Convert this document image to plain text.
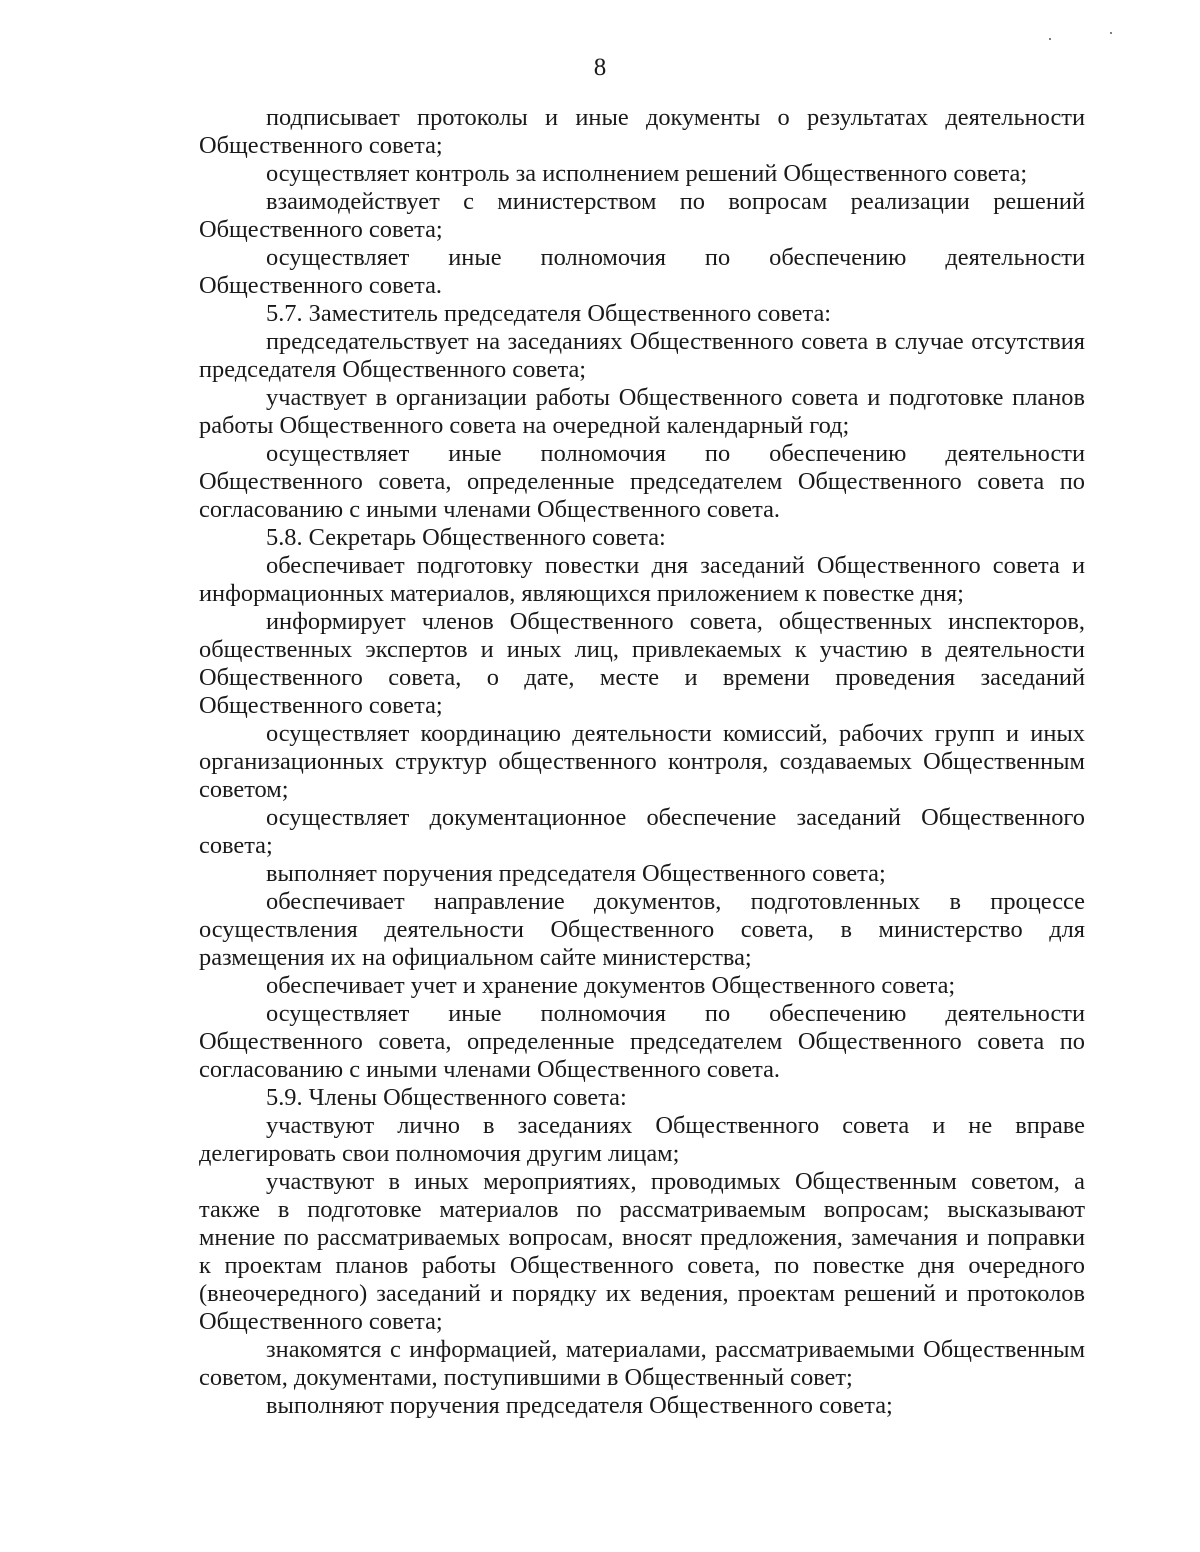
8

подписывает протоколы и иные документы о результатах деятельности Общественного совета;

осуществляет контроль за исполнением решений Общественного совета;

взаимодействует с министерством по вопросам реализации решений Общественного совета;

осуществляет иные полномочия по обеспечению деятельности Общественного совета.

5.7. Заместитель председателя Общественного совета:

председательствует на заседаниях Общественного совета в случае отсутствия председателя Общественного совета;

участвует в организации работы Общественного совета и подготовке планов работы Общественного совета на очередной календарный год;

осуществляет иные полномочия по обеспечению деятельности Общественного совета, определенные председателем Общественного совета по согласованию с иными членами Общественного совета.

5.8. Секретарь Общественного совета:

обеспечивает подготовку повестки дня заседаний Общественного совета и информационных материалов, являющихся приложением к повестке дня;

информирует членов Общественного совета, общественных инспекторов, общественных экспертов и иных лиц, привлекаемых к участию в деятельности Общественного совета, о дате, месте и времени проведения заседаний Общественного совета;

осуществляет координацию деятельности комиссий, рабочих групп и иных организационных структур общественного контроля, создаваемых Общественным советом;

осуществляет документационное обеспечение заседаний Общественного совета;

выполняет поручения председателя Общественного совета;

обеспечивает направление документов, подготовленных в процессе осуществления деятельности Общественного совета, в министерство для размещения их на официальном сайте министерства;

обеспечивает учет и хранение документов Общественного совета;

осуществляет иные полномочия по обеспечению деятельности Общественного совета, определенные председателем Общественного совета по согласованию с иными членами Общественного совета.

5.9. Члены Общественного совета:

участвуют лично в заседаниях Общественного совета и не вправе делегировать свои полномочия другим лицам;

участвуют в иных мероприятиях, проводимых Общественным советом, а также в подготовке материалов по рассматриваемым вопросам; высказывают мнение по рассматриваемых вопросам, вносят предложения, замечания и поправки к проектам планов работы Общественного совета, по повестке дня очередного (внеочередного) заседаний и порядку их ведения, проектам решений и протоколов Общественного совета;

знакомятся с информацией, материалами, рассматриваемыми Общественным советом, документами, поступившими в Общественный совет;

выполняют поручения председателя Общественного совета;
